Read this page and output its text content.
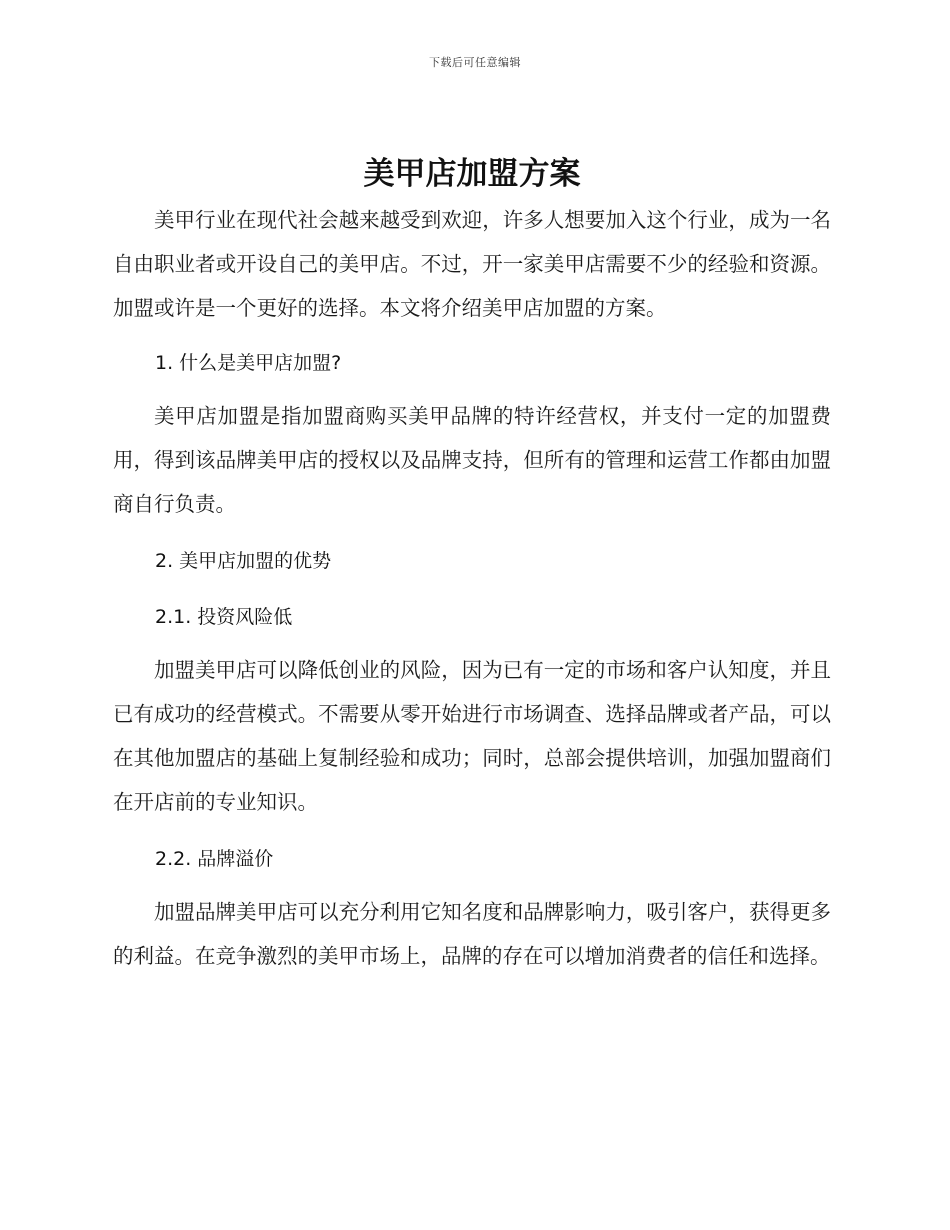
下载后可任意编辑
美甲店加盟方案

美甲行业在现代社会越来越受到欢迎，许多人想要加入这个行业，成为一名自由职业者或开设自己的美甲店。不过，开一家美甲店需要不少的经验和资源。加盟或许是一个更好的选择。本文将介绍美甲店加盟的方案。

1. 什么是美甲店加盟?

美甲店加盟是指加盟商购买美甲品牌的特许经营权，并支付一定的加盟费用，得到该品牌美甲店的授权以及品牌支持，但所有的管理和运营工作都由加盟商自行负责。

2. 美甲店加盟的优势
2.1. 投资风险低

加盟美甲店可以降低创业的风险，因为已有一定的市场和客户认知度，并且已有成功的经营模式。不需要从零开始进行市场调查、选择品牌或者产品，可以在其他加盟店的基础上复制经验和成功；同时，总部会提供培训，加强加盟商们在开店前的专业知识。

2.2. 品牌溢价

加盟品牌美甲店可以充分利用它知名度和品牌影响力，吸引客户，获得更多的利益。在竞争激烈的美甲市场上，品牌的存在可以增加消费者的信任和选择。
